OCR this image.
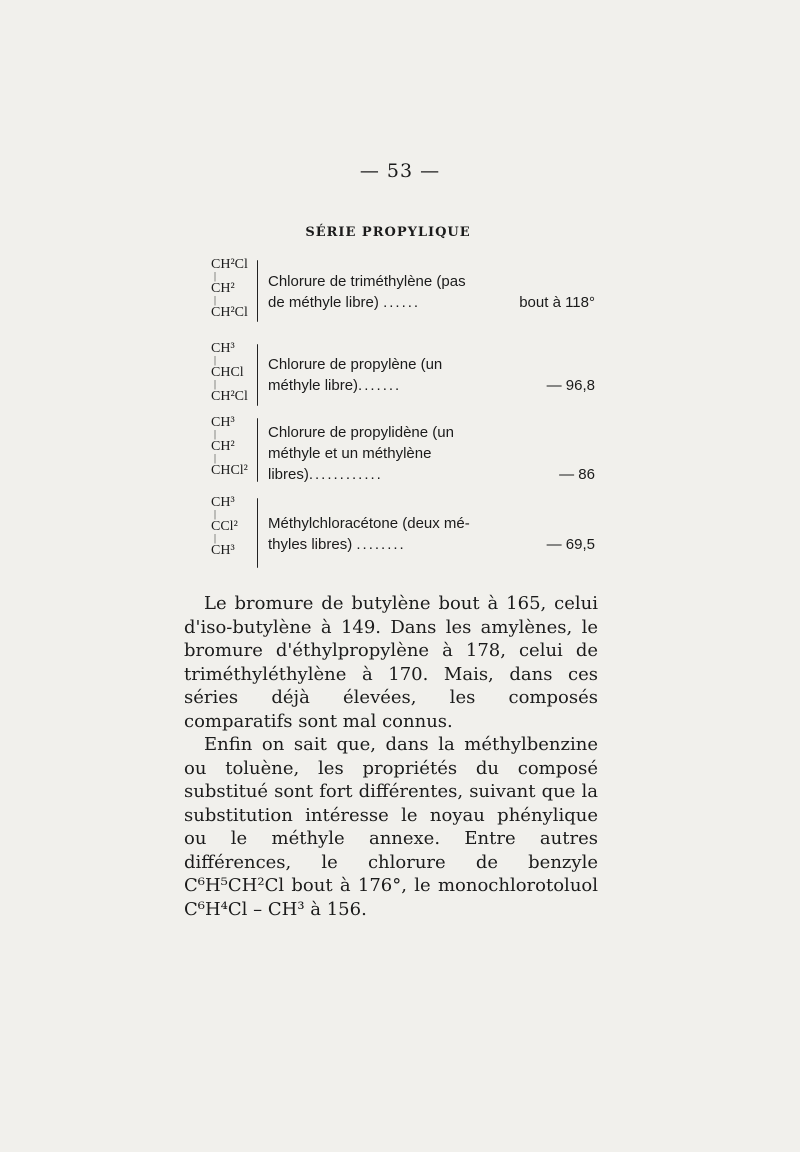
— 53 —
SÉRIE PROPYLIQUE
CH²Cl
|
CH²
|
CH²Cl
Chlorure de triméthylène (pas
de méthyle libre) ......	bout à 118°
CH³
|
CHCl
|
CH²Cl
Chlorure de propylène (un
méthyle libre).......	— 96,8
CH³
|
CH²
|
CHCl²
Chlorure de propylidène (un
méthyle et un méthylène
libres)............	— 86
CH³
|
CCl²
|
CH³
Méthylchloracétone (deux mé-
thyles libres) ........	— 69,5

Le bromure de butylène bout à 165, celui d'iso-butylène à 149. Dans les amylènes, le bromure d'éthylpropylène à 178, celui de triméthyléthylène à 170. Mais, dans ces séries déjà élevées, les composés comparatifs sont mal connus.

Enfin on sait que, dans la méthylbenzine ou toluène, les propriétés du composé substitué sont fort différentes, suivant que la substitution intéresse le noyau phénylique ou le méthyle annexe. Entre autres différences, le chlorure de benzyle C⁶H⁵CH²Cl bout à 176°, le monochlorotoluol C⁶H⁴Cl – CH³ à 156.
